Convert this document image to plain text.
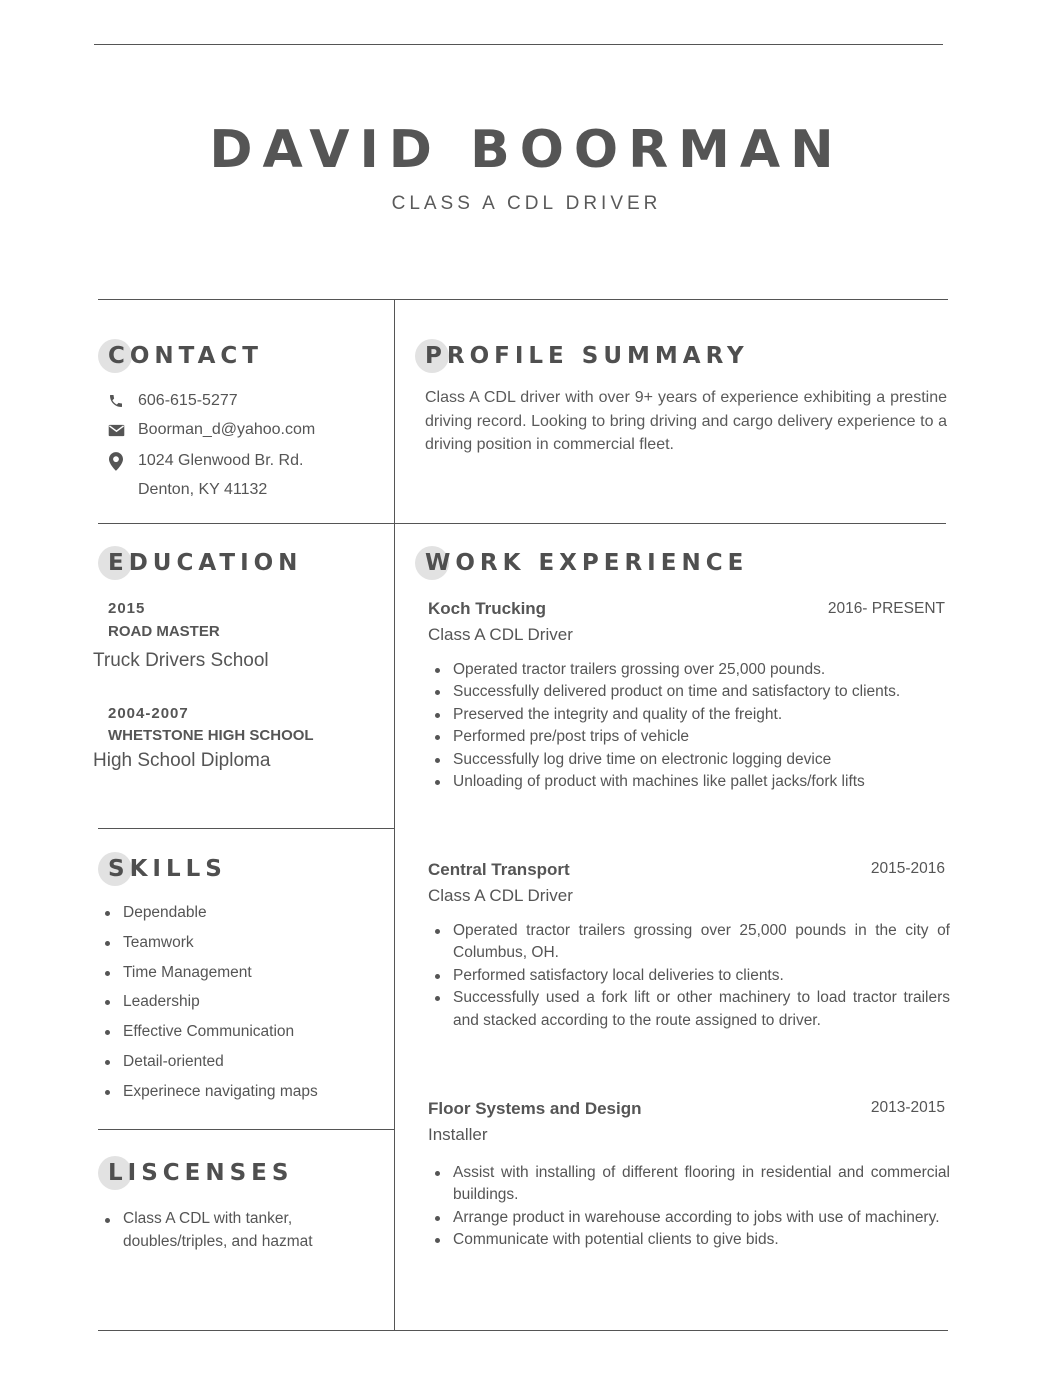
DAVID BOORMAN
CLASS A CDL DRIVER
CONTACT
606-615-5277
Boorman_d@yahoo.com
1024 Glenwood Br. Rd.
Denton, KY 41132
PROFILE SUMMARY
Class A CDL driver with over 9+ years of experience exhibiting a prestine driving record. Looking to bring driving and cargo delivery experience to a driving position in commercial fleet.
EDUCATION
2015
ROAD MASTER
Truck Drivers School
2004-2007
WHETSTONE HIGH SCHOOL
High School Diploma
SKILLS
Dependable
Teamwork
Time Management
Leadership
Effective Communication
Detail-oriented
Experinece navigating maps
LISCENSES
Class A CDL with tanker, doubles/triples, and hazmat
WORK EXPERIENCE
Koch Trucking	2016- PRESENT
Class A CDL Driver
Operated tractor trailers grossing over 25,000 pounds.
Successfully delivered product on time and satisfactory to clients.
Preserved the integrity and quality of the freight.
Performed pre/post trips of vehicle
Successfully log drive time on electronic logging device
Unloading of product with machines like pallet jacks/fork lifts
Central Transport	2015-2016
Class A CDL Driver
Operated tractor trailers grossing over 25,000 pounds in the city of Columbus, OH.
Performed satisfactory local deliveries to clients.
Successfully used a fork lift or other machinery to load tractor trailers and stacked according to the route assigned to driver.
Floor Systems and Design	2013-2015
Installer
Assist with installing of different flooring in residential and commercial buildings.
Arrange product in warehouse according to jobs with use of machinery.
Communicate with potential clients to give bids.
